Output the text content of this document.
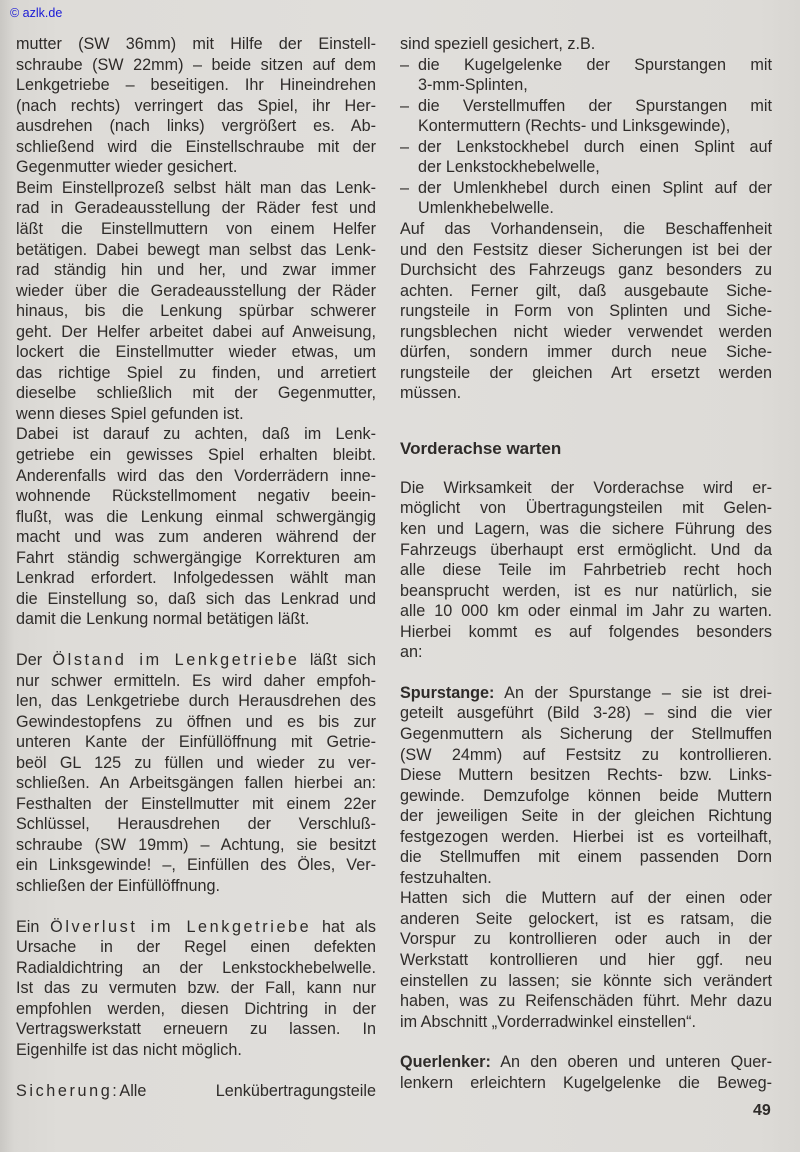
© azlk.de
mutter (SW 36mm) mit Hilfe der Einstell-
schraube (SW 22mm) – beide sitzen auf dem
Lenkgetriebe – beseitigen. Ihr Hineindrehen
(nach rechts) verringert das Spiel, ihr Her-
ausdrehen (nach links) vergrößert es. Ab-
schließend wird die Einstellschraube mit der
Gegenmutter wieder gesichert.
Beim Einstellprozeß selbst hält man das Lenk-
rad in Geradeausstellung der Räder fest und
läßt die Einstellmuttern von einem Helfer
betätigen. Dabei bewegt man selbst das Lenk-
rad ständig hin und her, und zwar immer
wieder über die Geradeausstellung der Räder
hinaus, bis die Lenkung spürbar schwerer
geht. Der Helfer arbeitet dabei auf Anweisung,
lockert die Einstellmutter wieder etwas, um
das richtige Spiel zu finden, und arretiert
dieselbe schließlich mit der Gegenmutter,
wenn dieses Spiel gefunden ist.
Dabei ist darauf zu achten, daß im Lenk-
getriebe ein gewisses Spiel erhalten bleibt.
Anderenfalls wird das den Vorderrädern inne-
wohnende Rückstellmoment negativ beein-
flußt, was die Lenkung einmal schwergängig
macht und was zum anderen während der
Fahrt ständig schwergängige Korrekturen am
Lenkrad erfordert. Infolgedessen wählt man
die Einstellung so, daß sich das Lenkrad und
damit die Lenkung normal betätigen läßt.
Der Ölstand im Lenkgetriebe läßt sich
nur schwer ermitteln. Es wird daher empfoh-
len, das Lenkgetriebe durch Herausdrehen des
Gewindestopfens zu öffnen und es bis zur
unteren Kante der Einfüllöffnung mit Getrie-
beöl GL 125 zu füllen und wieder zu ver-
schließen. An Arbeitsgängen fallen hierbei an:
Festhalten der Einstellmutter mit einem 22er
Schlüssel, Herausdrehen der Verschluß-
schraube (SW 19mm) – Achtung, sie besitzt
ein Linksgewinde! –, Einfüllen des Öles, Ver-
schließen der Einfüllöffnung.
Ein Ölverlust im Lenkgetriebe hat als
Ursache in der Regel einen defekten
Radialdichtring an der Lenkstockhebelwelle.
Ist das zu vermuten bzw. der Fall, kann nur
empfohlen werden, diesen Dichtring in der
Vertragswerkstatt erneuern zu lassen. In
Eigenhilfe ist das nicht möglich.
Sicherung:Alle Lenkübertragungsteile
sind speziell gesichert, z.B.
– die Kugelgelenke der Spurstangen mit
3-mm-Splinten,
– die Verstellmuffen der Spurstangen mit
Kontermuttern (Rechts- und Linksgewinde),
– der Lenkstockhebel durch einen Splint auf
der Lenkstockhebelwelle,
– der Umlenkhebel durch einen Splint auf der
Umlenkhebelwelle.
Auf das Vorhandensein, die Beschaffenheit
und den Festsitz dieser Sicherungen ist bei der
Durchsicht des Fahrzeugs ganz besonders zu
achten. Ferner gilt, daß ausgebaute Siche-
rungsteile in Form von Splinten und Siche-
rungsblechen nicht wieder verwendet werden
dürfen, sondern immer durch neue Siche-
rungsteile der gleichen Art ersetzt werden
müssen.
Vorderachse warten
Die Wirksamkeit der Vorderachse wird er-
möglicht von Übertragungsteilen mit Gelen-
ken und Lagern, was die sichere Führung des
Fahrzeugs überhaupt erst ermöglicht. Und da
alle diese Teile im Fahrbetrieb recht hoch
beansprucht werden, ist es nur natürlich, sie
alle 10 000 km oder einmal im Jahr zu warten.
Hierbei kommt es auf folgendes besonders
an:
Spurstange: An der Spurstange – sie ist drei-
geteilt ausgeführt (Bild 3-28) – sind die vier
Gegenmuttern als Sicherung der Stellmuffen
(SW 24mm) auf Festsitz zu kontrollieren.
Diese Muttern besitzen Rechts- bzw. Links-
gewinde. Demzufolge können beide Muttern
der jeweiligen Seite in der gleichen Richtung
festgezogen werden. Hierbei ist es vorteilhaft,
die Stellmuffen mit einem passenden Dorn
festzuhalten.
Hatten sich die Muttern auf der einen oder
anderen Seite gelockert, ist es ratsam, die
Vorspur zu kontrollieren oder auch in der
Werkstatt kontrollieren und hier ggf. neu
einstellen zu lassen; sie könnte sich verändert
haben, was zu Reifenschäden führt. Mehr dazu
im Abschnitt „Vorderradwinkel einstellen“.
Querlenker: An den oberen und unteren Quer-
lenkern erleichtern Kugelgelenke die Beweg-
49
